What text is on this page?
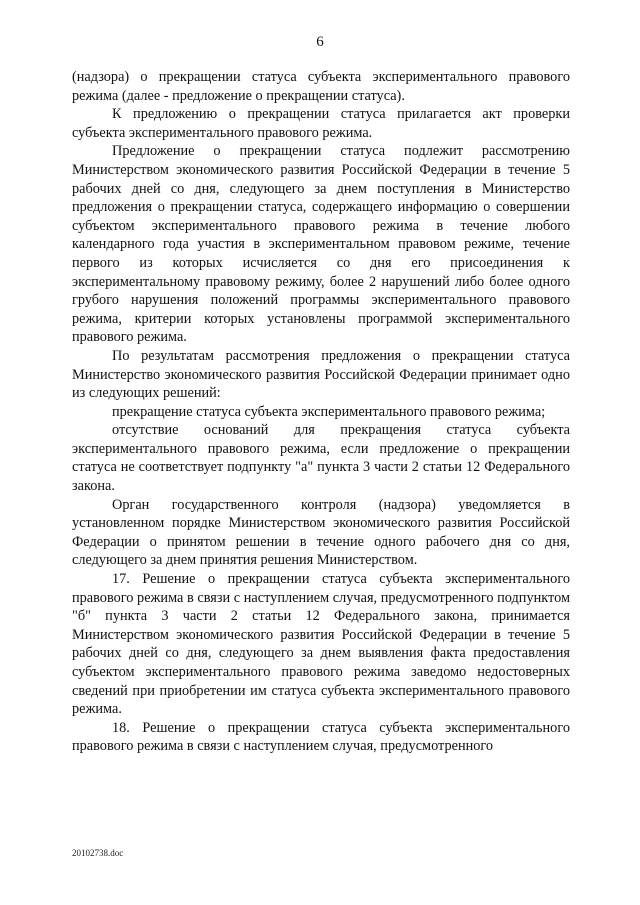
6

(надзора) о прекращении статуса субъекта экспериментального правового режима (далее - предложение о прекращении статуса).

К предложению о прекращении статуса прилагается акт проверки субъекта экспериментального правового режима.

Предложение о прекращении статуса подлежит рассмотрению Министерством экономического развития Российской Федерации в течение 5 рабочих дней со дня, следующего за днем поступления в Министерство предложения о прекращении статуса, содержащего информацию о совершении субъектом экспериментального правового режима в течение любого календарного года участия в экспериментальном правовом режиме, течение первого из которых исчисляется со дня его присоединения к экспериментальному правовому режиму, более 2 нарушений либо более одного грубого нарушения положений программы экспериментального правового режима, критерии которых установлены программой экспериментального правового режима.

По результатам рассмотрения предложения о прекращении статуса Министерство экономического развития Российской Федерации принимает одно из следующих решений:

прекращение статуса субъекта экспериментального правового режима;

отсутствие оснований для прекращения статуса субъекта экспериментального правового режима, если предложение о прекращении статуса не соответствует подпункту "а" пункта 3 части 2 статьи 12 Федерального закона.

Орган государственного контроля (надзора) уведомляется в установленном порядке Министерством экономического развития Российской Федерации о принятом решении в течение одного рабочего дня со дня, следующего за днем принятия решения Министерством.

17. Решение о прекращении статуса субъекта экспериментального правового режима в связи с наступлением случая, предусмотренного подпунктом "б" пункта 3 части 2 статьи 12 Федерального закона, принимается Министерством экономического развития Российской Федерации в течение 5 рабочих дней со дня, следующего за днем выявления факта предоставления субъектом экспериментального правового режима заведомо недостоверных сведений при приобретении им статуса субъекта экспериментального правового режима.

18. Решение о прекращении статуса субъекта экспериментального правового режима в связи с наступлением случая, предусмотренного

20102738.doc
